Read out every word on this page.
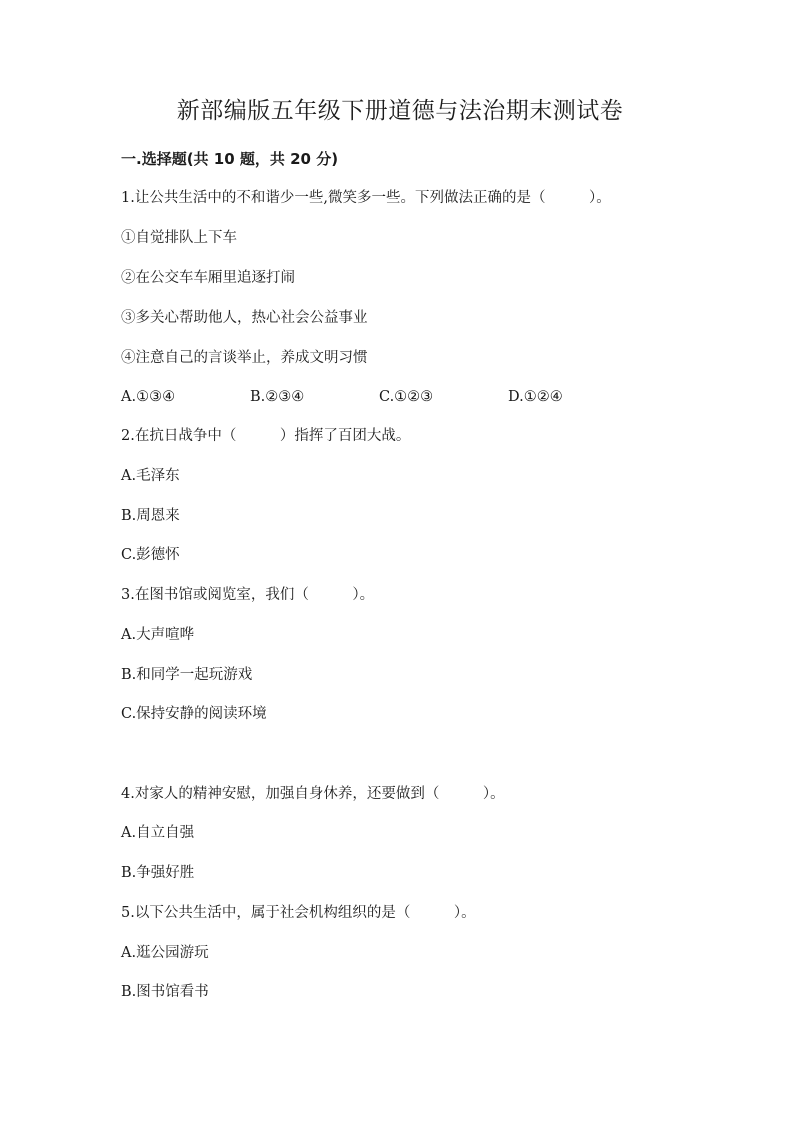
新部编版五年级下册道德与法治期末测试卷
一.选择题(共 10 题，共 20 分)
1.让公共生活中的不和谐少一些,微笑多一些。下列做法正确的是（　　　）。
①自觉排队上下车
②在公交车车厢里追逐打闹
③多关心帮助他人，热心社会公益事业
④注意自己的言谈举止，养成文明习惯
A.①③④	B.②③④	C.①②③	D.①②④
2.在抗日战争中（　　　）指挥了百团大战。
A.毛泽东
B.周恩来
C.彭德怀
3.在图书馆或阅览室，我们（　　　）。
A.大声喧哗
B.和同学一起玩游戏
C.保持安静的阅读环境
4.对家人的精神安慰，加强自身休养，还要做到（　　　）。
A.自立自强
B.争强好胜
5.以下公共生活中，属于社会机构组织的是（　　　）。
A.逛公园游玩
B.图书馆看书
